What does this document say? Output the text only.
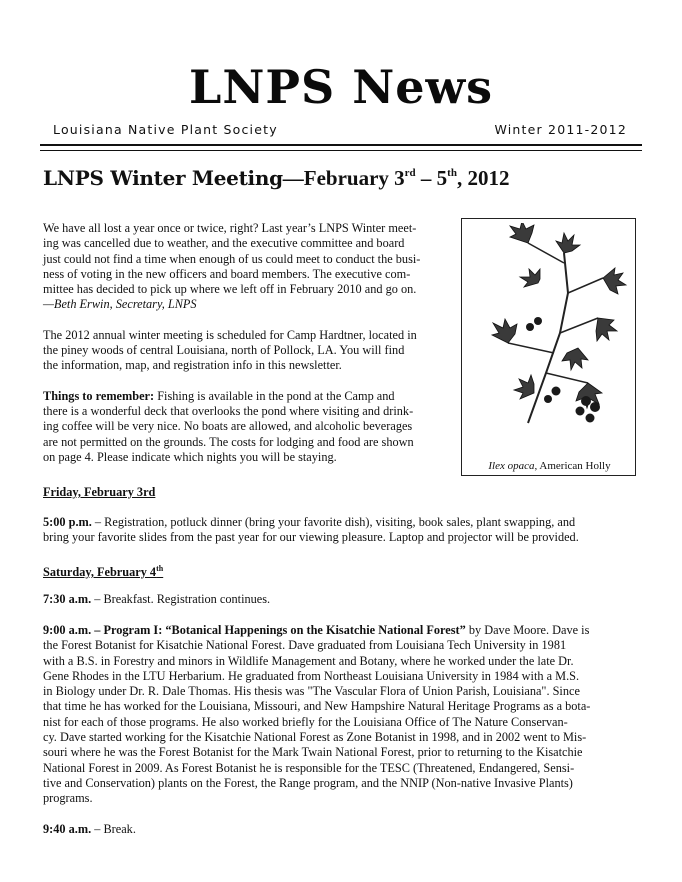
LNPS News
Louisiana Native Plant Society	Winter 2011-2012
LNPS Winter Meeting—February 3rd – 5th, 2012

We have all lost a year once or twice, right? Last year’s LNPS Winter meet-

ing was cancelled due to weather, and the executive committee and board

just could not find a time when enough of us could meet to conduct the busi-

ness of voting in the new officers and board members. The executive com-

mittee has decided to pick up where we left off in February 2010 and go on.

—Beth Erwin, Secretary, LNPS

The 2012 annual winter meeting is scheduled for Camp Hardtner, located in

the piney woods of central Louisiana, north of Pollock, LA. You will find

the information, map, and registration info in this newsletter.

Things to remember: Fishing is available in the pond at the Camp and

there is a wonderful deck that overlooks the pond where visiting and drink-

ing coffee will be very nice. No boats are allowed, and alcoholic beverages

are not permitted on the grounds. The costs for lodging and food are shown

on page 4. Please indicate which nights you will be staying.

Ilex opaca, American Holly
Friday, February 3rd

5:00 p.m. – Registration, potluck dinner (bring your favorite dish), visiting, book sales, plant swapping, and

bring your favorite slides from the past year for our viewing pleasure. Laptop and projector will be provided.

Saturday, February 4th

7:30 a.m. – Breakfast. Registration continues.

9:00 a.m. – Program I: “Botanical Happenings on the Kisatchie National Forest” by Dave Moore. Dave is

the Forest Botanist for Kisatchie National Forest. Dave graduated from Louisiana Tech University in 1981

with a B.S. in Forestry and minors in Wildlife Management and Botany, where he worked under the late Dr.

Gene Rhodes in the LTU Herbarium. He graduated from Northeast Louisiana University in 1984 with a M.S.

in Biology under Dr. R. Dale Thomas. His thesis was "The Vascular Flora of Union Parish, Louisiana". Since

that time he has worked for the Louisiana, Missouri, and New Hampshire Natural Heritage Programs as a bota-

nist for each of those programs. He also worked briefly for the Louisiana Office of The Nature Conservan-

cy. Dave started working for the Kisatchie National Forest as Zone Botanist in 1998, and in 2002 went to Mis-

souri where he was the Forest Botanist for the Mark Twain National Forest, prior to returning to the Kisatchie

National Forest in 2009. As Forest Botanist he is responsible for the TESC (Threatened, Endangered, Sensi-

tive and Conservation) plants on the Forest, the Range program, and the NNIP (Non-native Invasive Plants)

programs.

9:40 a.m. – Break.
